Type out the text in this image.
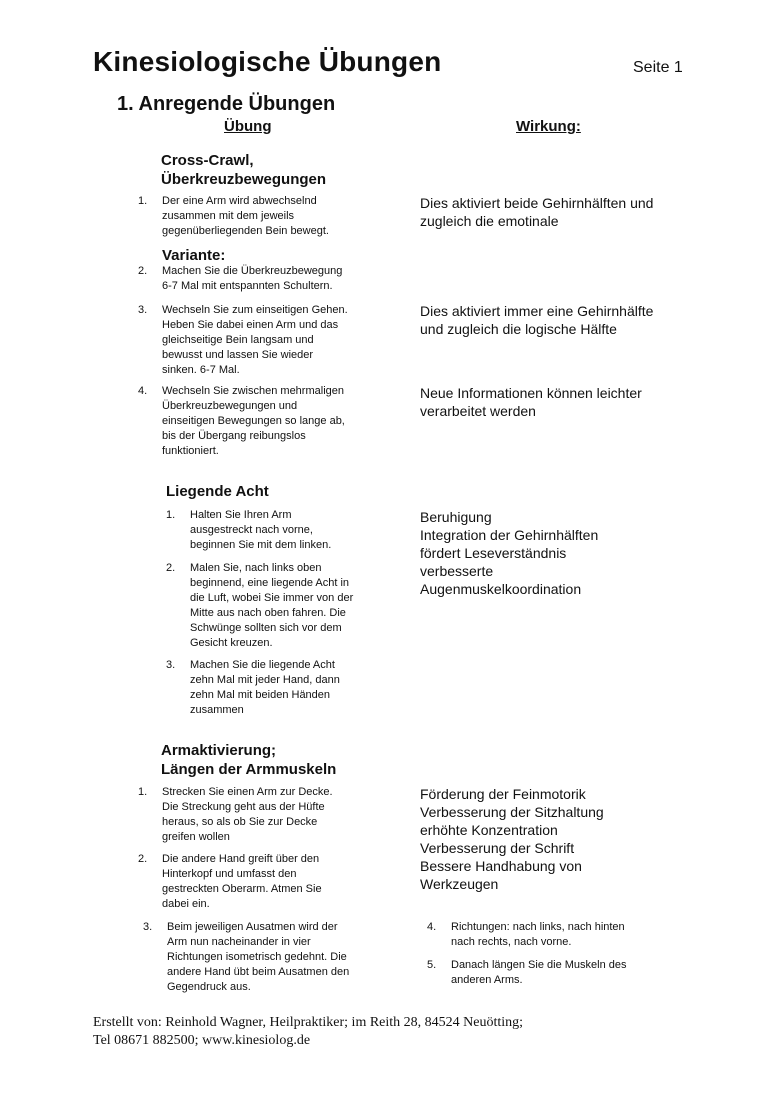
Kinesiologische Übungen	Seite 1
1. Anregende Übungen
Übung	Wirkung:
Cross-Crawl,
Überkreuzbewegungen
1. Der eine Arm wird abwechselnd
zusammen mit dem jeweils
gegenüberliegenden Bein bewegt.
Variante:
2. Machen Sie die Überkreuzbewegung
6-7 Mal mit entspannten Schultern.
3. Wechseln Sie zum einseitigen Gehen.
Heben Sie dabei einen Arm und das
gleichseitige Bein langsam und
bewusst und lassen Sie wieder
sinken. 6-7 Mal.
4. Wechseln Sie zwischen mehrmaligen
Überkreuzbewegungen und
einseitigen Bewegungen so lange ab,
bis der Übergang reibungslos
funktioniert.
Dies aktiviert beide Gehirnhälften und
zugleich die emotinale
Dies aktiviert immer eine Gehirnhälfte
und zugleich die logische Hälfte
Neue Informationen können leichter
verarbeitet werden
Liegende Acht
1. Halten Sie Ihren Arm
ausgestreckt nach vorne,
beginnen Sie mit dem linken.
2. Malen Sie, nach links oben
beginnend, eine liegende Acht in
die Luft, wobei Sie immer von der
Mitte aus nach oben fahren. Die
Schwünge sollten sich vor dem
Gesicht kreuzen.
3. Machen Sie die liegende Acht
zehn Mal mit jeder Hand, dann
zehn Mal mit beiden Händen
zusammen
Beruhigung
Integration der Gehirnhälften
fördert Leseverständnis
verbesserte
Augenmuskelkoordination
Armaktivierung;
Längen der Armmuskeln
1. Strecken Sie einen Arm zur Decke.
Die Streckung geht aus der Hüfte
heraus, so als ob Sie zur Decke
greifen wollen
2. Die andere Hand greift über den
Hinterkopf und umfasst den
gestreckten Oberarm. Atmen Sie
dabei ein.
3. Beim jeweiligen Ausatmen wird der
Arm nun nacheinander in vier
Richtungen isometrisch gedehnt. Die
andere Hand übt beim Ausatmen den
Gegendruck aus.
4. Richtungen: nach links, nach hinten
nach rechts, nach vorne.
5. Danach längen Sie die Muskeln des
anderen Arms.
Förderung der Feinmotorik
Verbesserung der Sitzhaltung
erhöhte Konzentration
Verbesserung der Schrift
Bessere Handhabung von
Werkzeugen
Erstellt von: Reinhold Wagner, Heilpraktiker; im Reith 28, 84524 Neuötting;
Tel 08671 882500; www.kinesiolog.de
